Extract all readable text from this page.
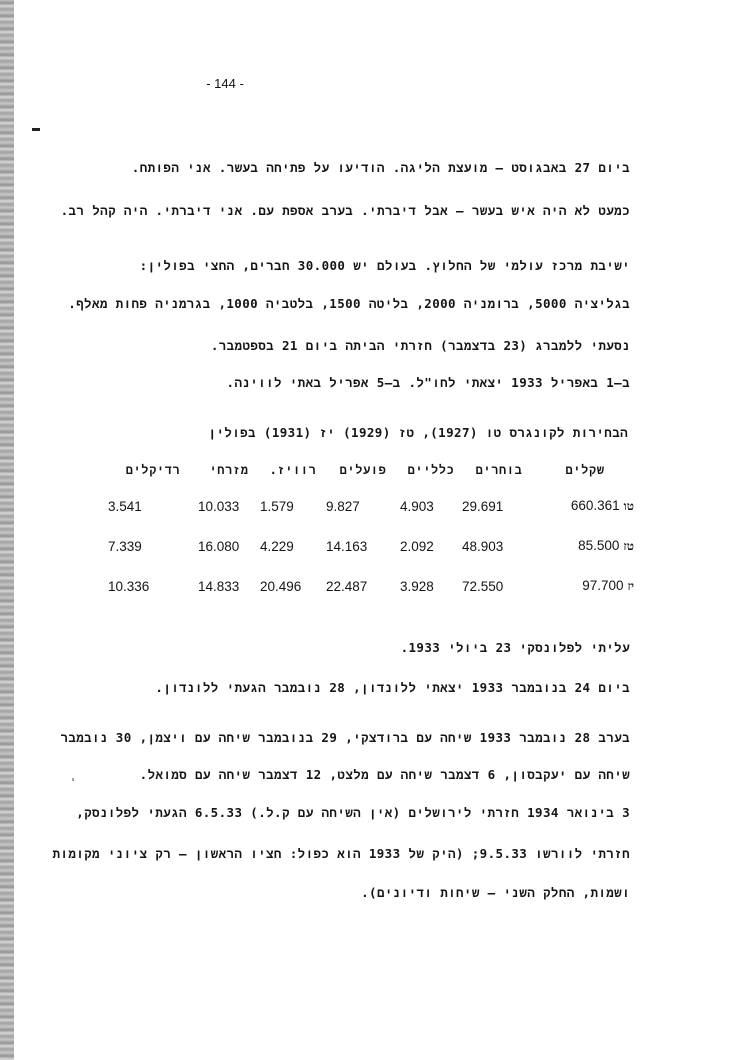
י
- 144 -
ביום 27 באבגוסט – מועצת הליגה. הודיעו על פתיחה בעשר. אני הפותח.
כמעט לא היה איש בעשר – אבל דיברתי. בערב אספת עם. אני דיברתי. היה קהל רב.
ישיבת מרכז עולמי של החלוץ. בעולם יש 30.000 חברים, החצי בפולין:
בגליציה 5000, ברומניה 2000, בליטה 1500, בלטביה 1000, בגרמניה פחות מאלף.
נסעתי ללמברג (23 בדצמבר) חזרתי הביתה ביום 21 בספטמבר.
ב–1 באפריל 1933 יצאתי לחו"ל. ב–5 אפריל באתי לווינה.
הבחירות לקונגרס טו (1927), טז (1929) יז (1931) בפולין
שקלים	בוחרים	כלליים	פועלים	רוויז.	מזרחי	רדיקלים
טו660.361	29.691	4.903	9.827	1.579	10.033	3.541
טז85.500	48.903	2.092	14.163	4.229	16.080	7.339
יז97.700	72.550	3.928	22.487	20.496	14.833	10.336
עליתי לפלונסקי 23 ביולי 1933.
ביום 24 בנובמבר 1933 יצאתי ללונדון, 28 נובמבר הגעתי ללונדון.
בערב 28 נובמבר 1933 שיחה עם ברודצקי, 29 בנובמבר שיחה עם ויצמן, 30 נובמבר
שיחה עם יעקבסון, 6 דצמבר שיחה עם מלצט, 12 דצמבר שיחה עם סמואל.
3 בינואר 1934 חזרתי לירושלים (אין השיחה עם ק.ל.) 6.5.33 הגעתי לפלונסק,
חזרתי לוורשו 9.5.33; (היק של 1933 הוא כפול: חציו הראשון – רק ציוני מקומות
ושמות, החלק השני – שיחות ודיונים).
